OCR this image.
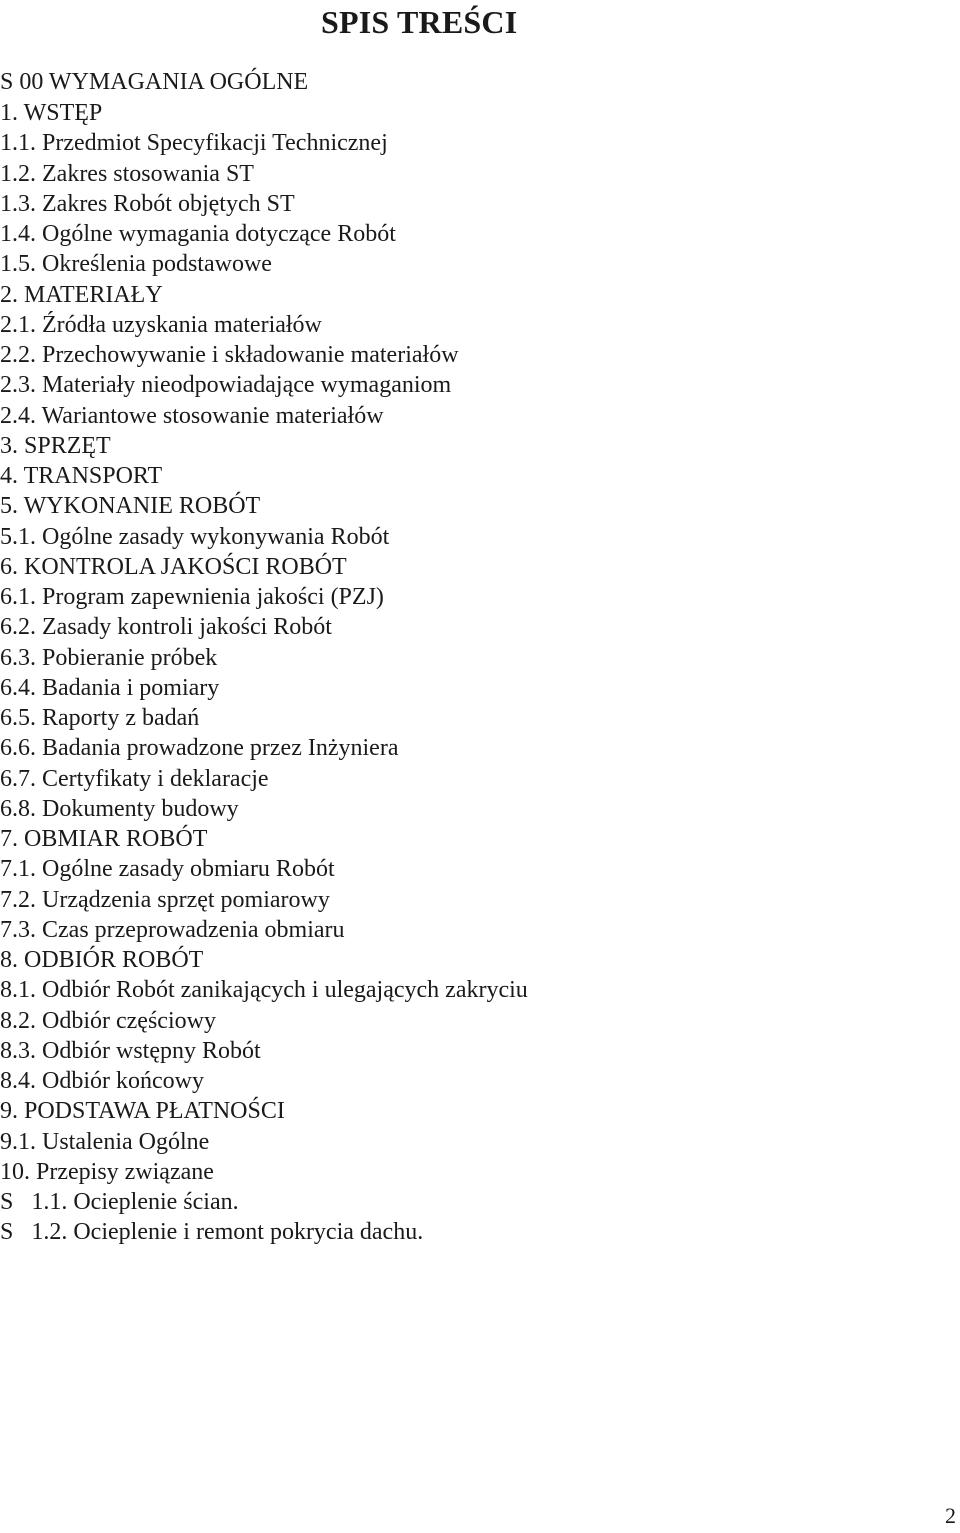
SPIS TREŚCI
S 00 WYMAGANIA OGÓLNE
1. WSTĘP
1.1. Przedmiot Specyfikacji Technicznej
1.2. Zakres stosowania ST
1.3. Zakres Robót objętych ST
1.4. Ogólne wymagania dotyczące Robót
1.5. Określenia podstawowe
2. MATERIAŁY
2.1. Źródła uzyskania materiałów
2.2. Przechowywanie i składowanie materiałów
2.3. Materiały nieodpowiadające wymaganiom
2.4. Wariantowe stosowanie materiałów
3. SPRZĘT
4. TRANSPORT
5. WYKONANIE ROBÓT
5.1. Ogólne zasady wykonywania Robót
6. KONTROLA JAKOŚCI ROBÓT
6.1. Program zapewnienia jakości (PZJ)
6.2. Zasady kontroli jakości Robót
6.3. Pobieranie próbek
6.4. Badania i pomiary
6.5. Raporty z badań
6.6. Badania prowadzone przez Inżyniera
6.7. Certyfikaty i deklaracje
6.8. Dokumenty budowy
7. OBMIAR ROBÓT
7.1. Ogólne zasady obmiaru Robót
7.2. Urządzenia sprzęt pomiarowy
7.3. Czas przeprowadzenia obmiaru
8. ODBIÓR ROBÓT
8.1. Odbiór Robót zanikających i ulegających zakryciu
8.2. Odbiór częściowy
8.3. Odbiór wstępny Robót
8.4. Odbiór końcowy
9. PODSTAWA PŁATNOŚCI
9.1. Ustalenia Ogólne
10. Przepisy związane
S   1.1. Ocieplenie ścian.
S   1.2. Ocieplenie i remont pokrycia dachu.
2
